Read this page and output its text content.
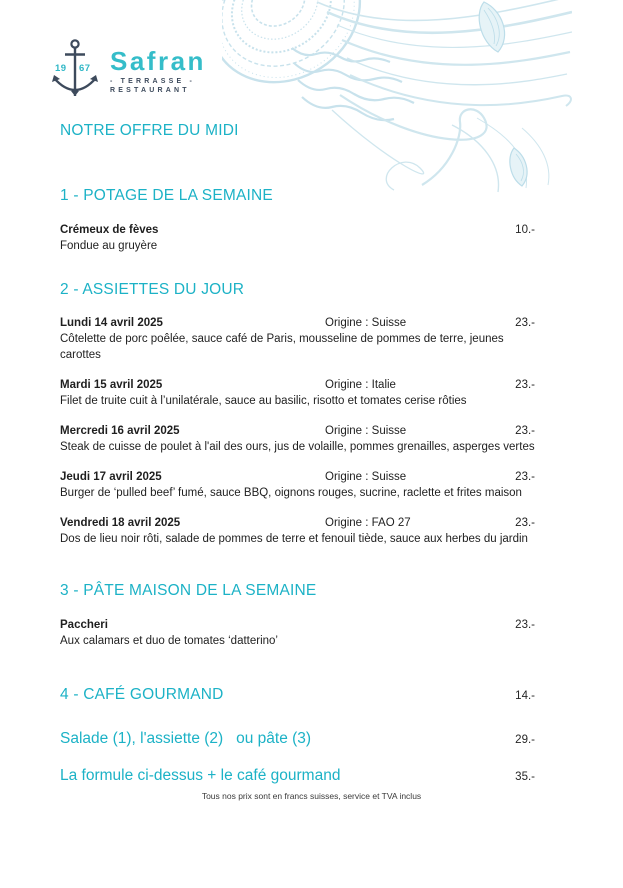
19 67 Safran
- TERRASSE -
RESTAURANT
NOTRE OFFRE DU MIDI
1 - POTAGE DE LA SEMAINE
Crémeux de fèves	10.-
Fondue au gruyère
2 - ASSIETTES DU JOUR
Lundi 14 avril 2025	Origine : Suisse	23.-
Côtelette de porc poêlée, sauce café de Paris, mousseline de pommes de terre, jeunes carottes
Mardi 15 avril 2025	Origine : Italie	23.-
Filet de truite cuit à l’unilatérale, sauce au basilic, risotto et tomates cerise rôties
Mercredi 16 avril 2025	Origine : Suisse	23.-
Steak de cuisse de poulet à l'ail des ours, jus de volaille, pommes grenailles, asperges vertes
Jeudi 17 avril 2025	Origine : Suisse	23.-
Burger de ‘pulled beef’ fumé, sauce BBQ, oignons rouges, sucrine, raclette et frites maison
Vendredi 18 avril 2025	Origine : FAO 27	23.-
Dos de lieu noir rôti, salade de pommes de terre et fenouil tiède, sauce aux herbes du jardin
3 - PÂTE MAISON DE LA SEMAINE
Paccheri	23.-
Aux calamars et duo de tomates ‘datterino’
4 - CAFÉ GOURMAND	14.-
Salade (1), l'assiette (2)   ou pâte (3)	29.-
La formule ci-dessus + le café gourmand	35.-
Tous nos prix sont en francs suisses, service et TVA inclus
